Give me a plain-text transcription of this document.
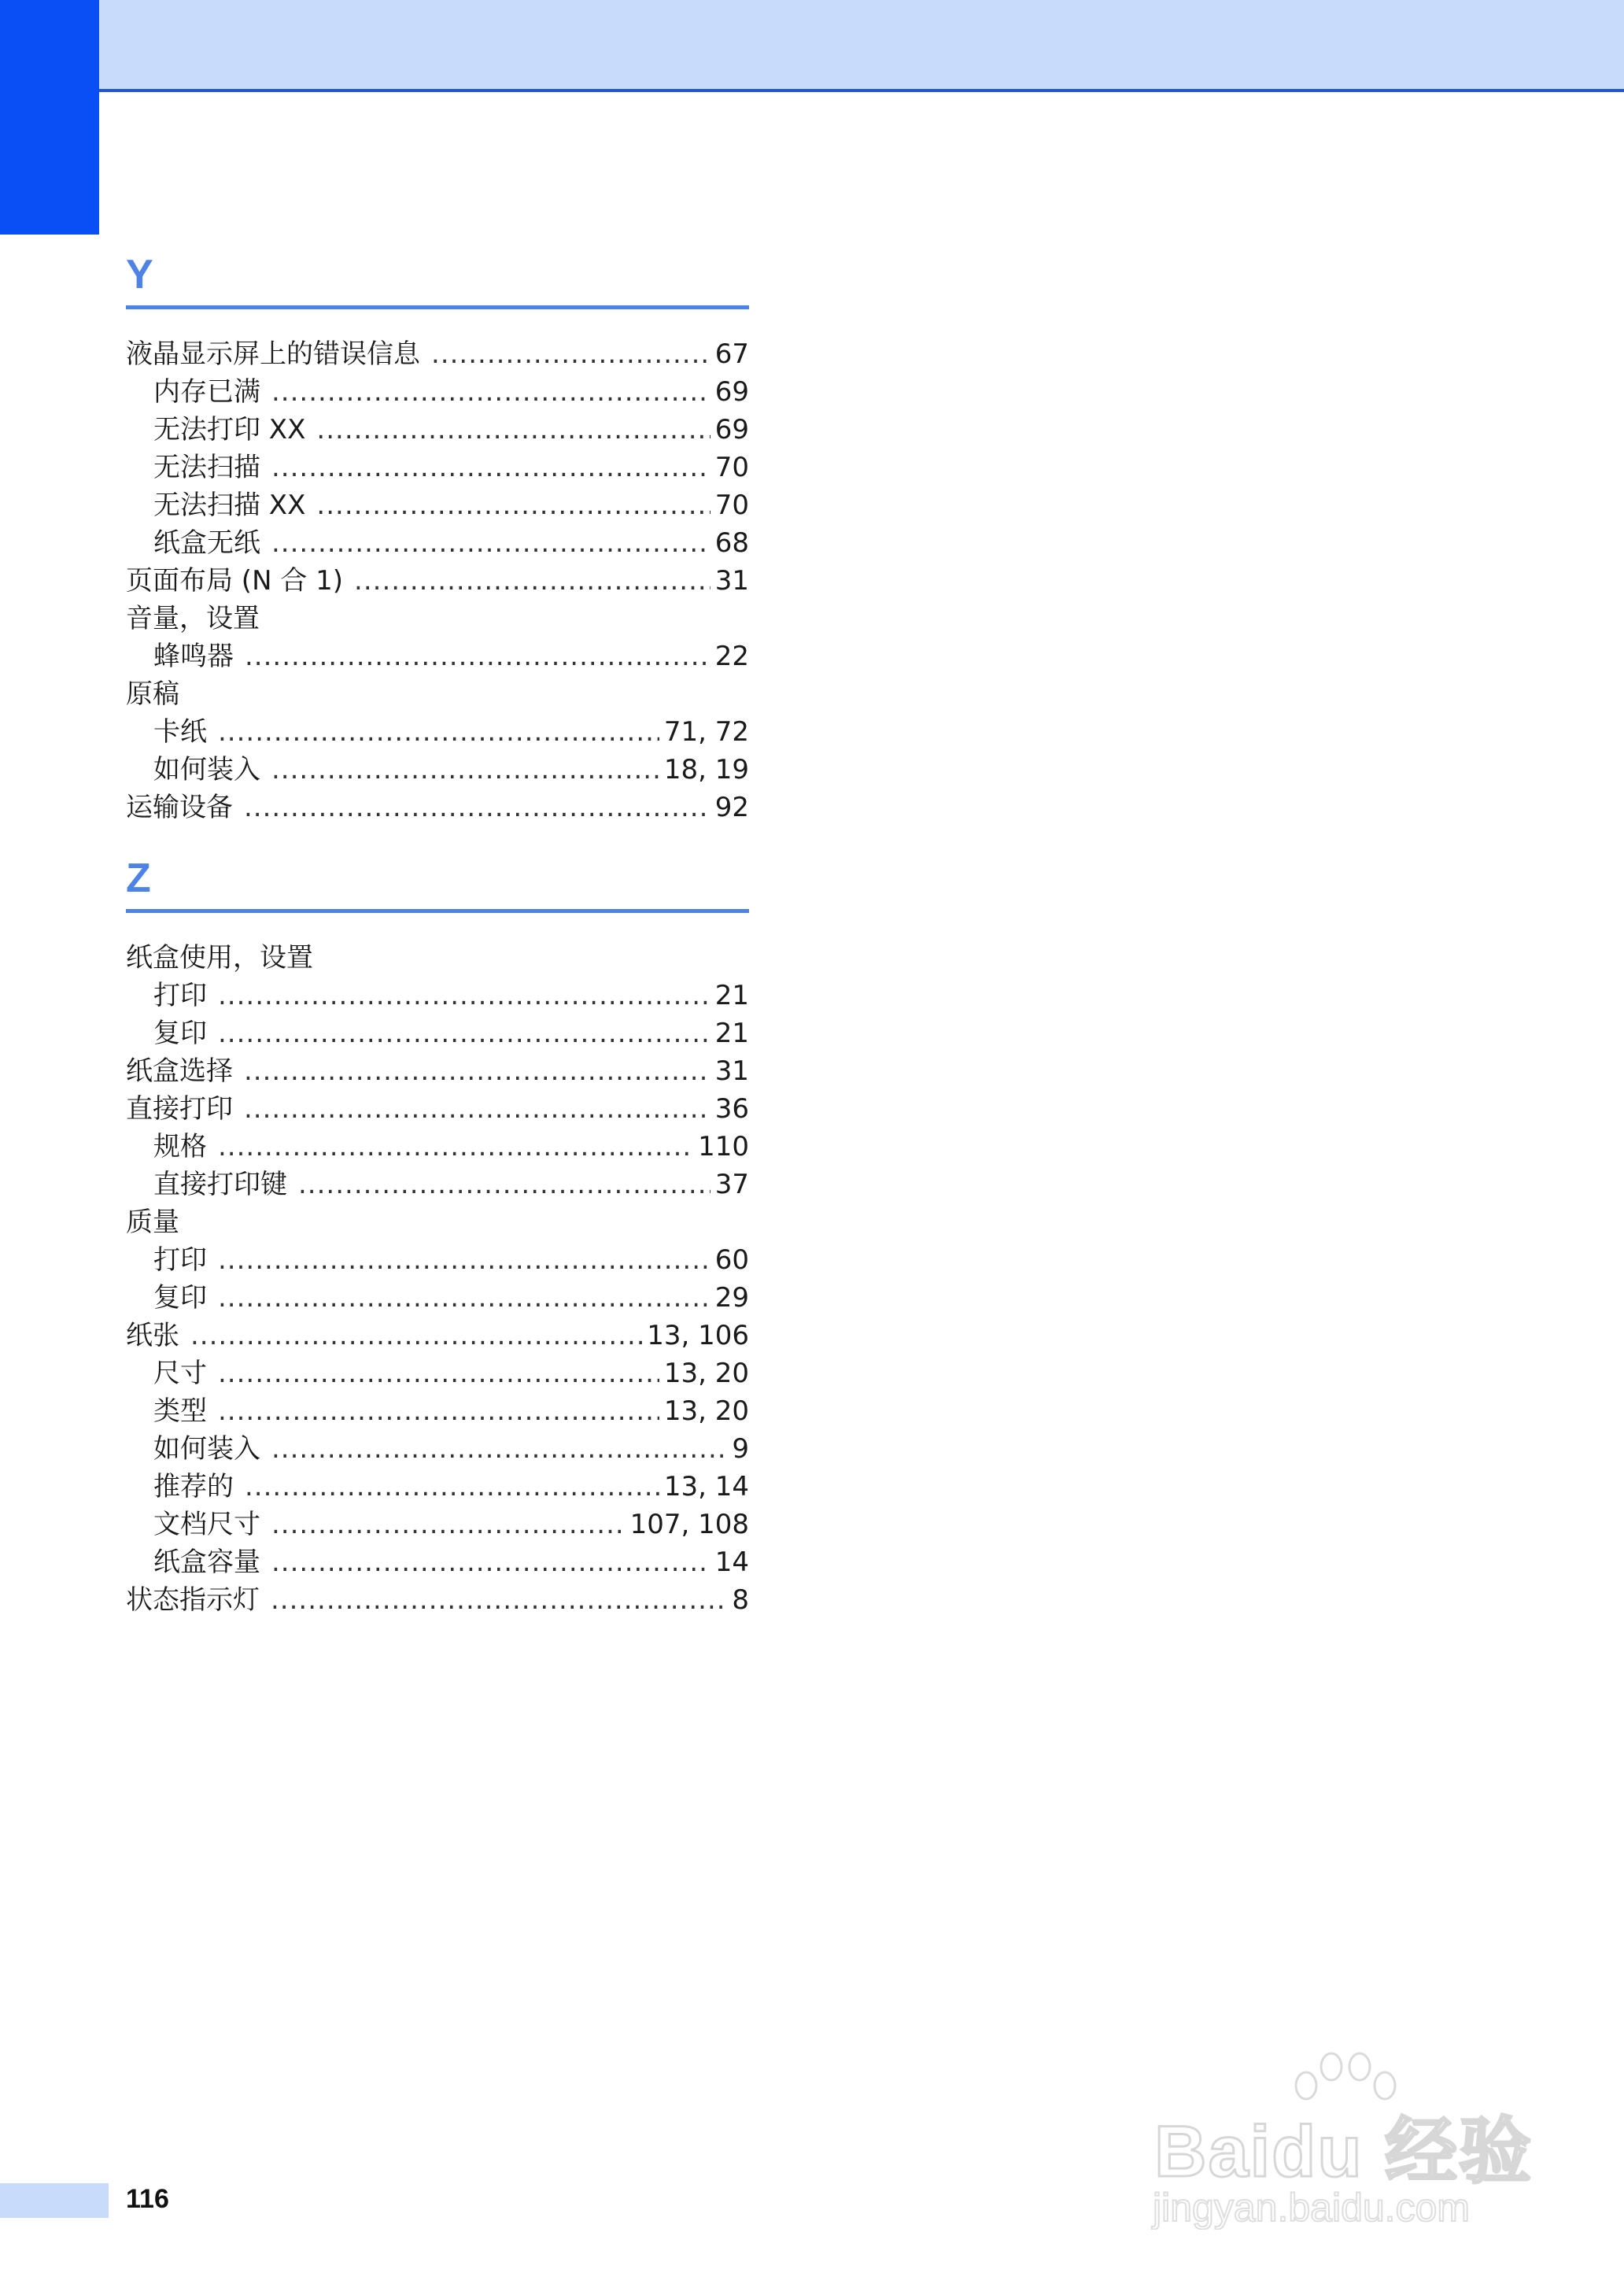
Y
液晶显示屏上的错误信息 .....	67
内存已满 .....	69
无法打印 XX .....	69
无法扫描 .....	70
无法扫描 XX .....	70
纸盒无纸 .....	68
页面布局 (N 合 1) .....	31
音量，设置
蜂鸣器 .....	22
原稿
卡纸 .....	71, 72
如何装入 .....	18, 19
运输设备 .....	92
Z
纸盒使用，设置
打印 .....	21
复印 .....	21
纸盒选择 .....	31
直接打印 .....	36
规格 .....	110
直接打印键 .....	37
质量
打印 .....	60
复印 .....	29
纸张 .....	13, 106
尺寸 .....	13, 20
类型 .....	13, 20
如何装入 .....	9
推荐的 .....	13, 14
文档尺寸 .....	107, 108
纸盒容量 .....	14
状态指示灯 .....	8
116
Baidu 经验
jingyan.baidu.com
